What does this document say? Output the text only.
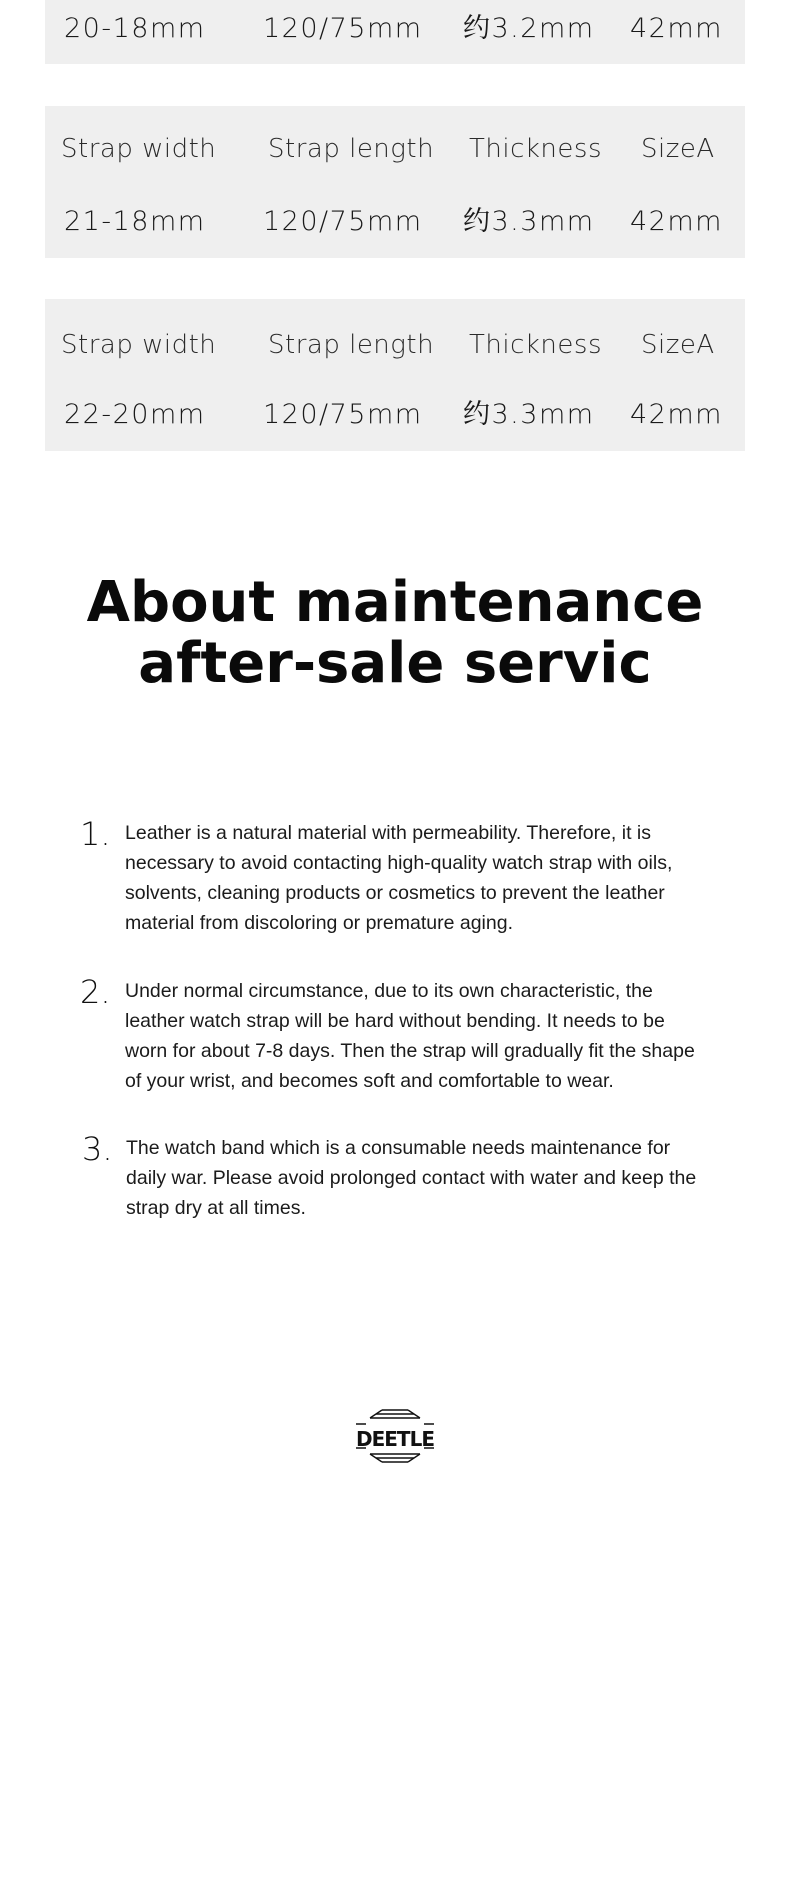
20-18mm 120/75mm 约3.2mm 42mm
Strap width Strap length Thickness SizeA
21-18mm 120/75mm 约3.3mm 42mm
Strap width Strap length Thickness SizeA
22-20mm 120/75mm 约3.3mm 42mm
About maintenance
after-sale servic
1. Leather is a natural material with permeability. Therefore, it is necessary to avoid contacting high-quality watch strap with oils, solvents, cleaning products or cosmetics to prevent the leather material from discoloring or premature aging.

2. Under normal circumstance, due to its own characteristic, the leather watch strap will be hard without bending. It needs to be worn for about 7-8 days. Then the strap will gradually fit the shape of your wrist, and becomes soft and comfortable to wear.

3. The watch band which is a consumable needs maintenance for daily war. Please avoid prolonged contact with water and keep the strap dry at all times.

DEETLE
